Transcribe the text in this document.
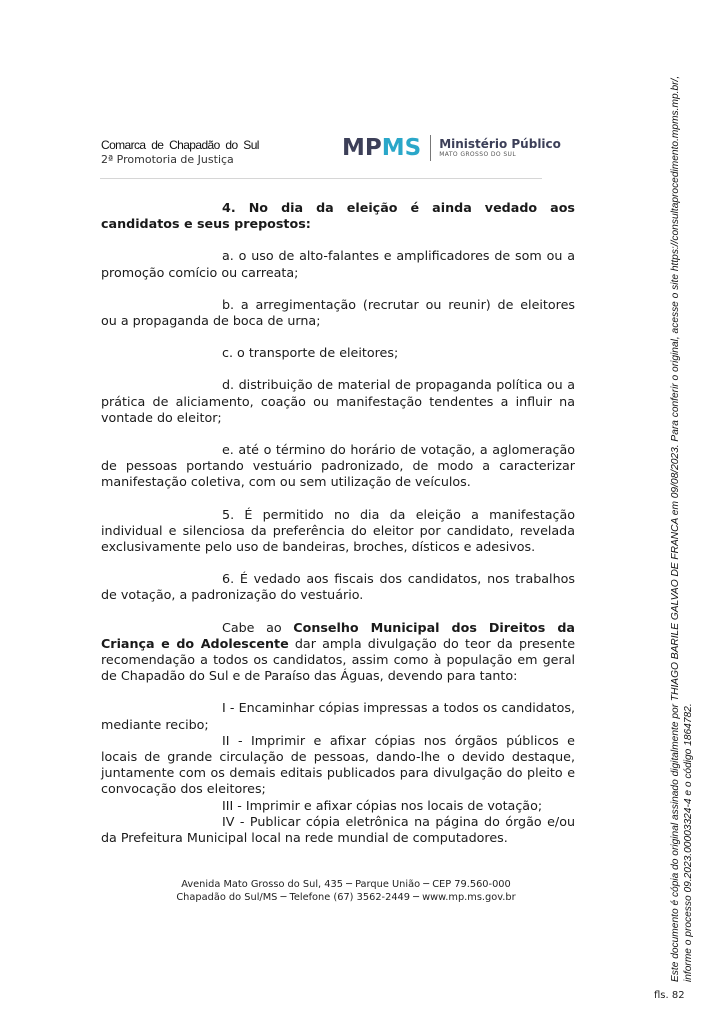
Comarca de Chapadão do Sul
2ª Promotoria de Justiça	MPMS Ministério Público
MATO GROSSO DO SUL

4. No dia da eleição é ainda vedado aos candidatos e seus prepostos:

a. o uso de alto-falantes e amplificadores de som ou a promoção comício ou carreata;

b. a arregimentação (recrutar ou reunir) de eleitores ou a propaganda de boca de urna;

c. o transporte de eleitores;

d. distribuição de material de propaganda política ou a prática de aliciamento, coação ou manifestação tendentes a influir na vontade do eleitor;

e. até o término do horário de votação, a aglomeração de pessoas portando vestuário padronizado, de modo a caracterizar manifestação coletiva, com ou sem utilização de veículos.

5. É permitido no dia da eleição a manifestação individual e silenciosa da preferência do eleitor por candidato, revelada exclusivamente pelo uso de bandeiras, broches, dísticos e adesivos.

6. É vedado aos fiscais dos candidatos, nos trabalhos de votação, a padronização do vestuário.

Cabe ao Conselho Municipal dos Direitos da Criança e do Adolescente dar ampla divulgação do teor da presente recomendação a todos os candidatos, assim como à população em geral de Chapadão do Sul e de Paraíso das Águas, devendo para tanto:

I - Encaminhar cópias impressas a todos os candidatos, mediante recibo;

II - Imprimir e afixar cópias nos órgãos públicos e locais de grande circulação de pessoas, dando-lhe o devido destaque, juntamente com os demais editais publicados para divulgação do pleito e convocação dos eleitores;

III - Imprimir e afixar cópias nos locais de votação;

IV - Publicar cópia eletrônica na página do órgão e/ou da Prefeitura Municipal local na rede mundial de computadores.

Avenida Mato Grosso do Sul, 435 ─ Parque União ─ CEP 79.560-000
Chapadão do Sul/MS ─ Telefone (67) 3562-2449 ─ www.mp.ms.gov.br	Este documento é cópia do original assinado digitalmente por THIAGO BARILE GALVAO DE FRANCA em 09/08/2023. Para conferir o original, acesse o site https://consultaprocedimento.mpms.mp.br/, informe o processo 09.2023.00003324-4 e o código 1864782.
fls. 82
